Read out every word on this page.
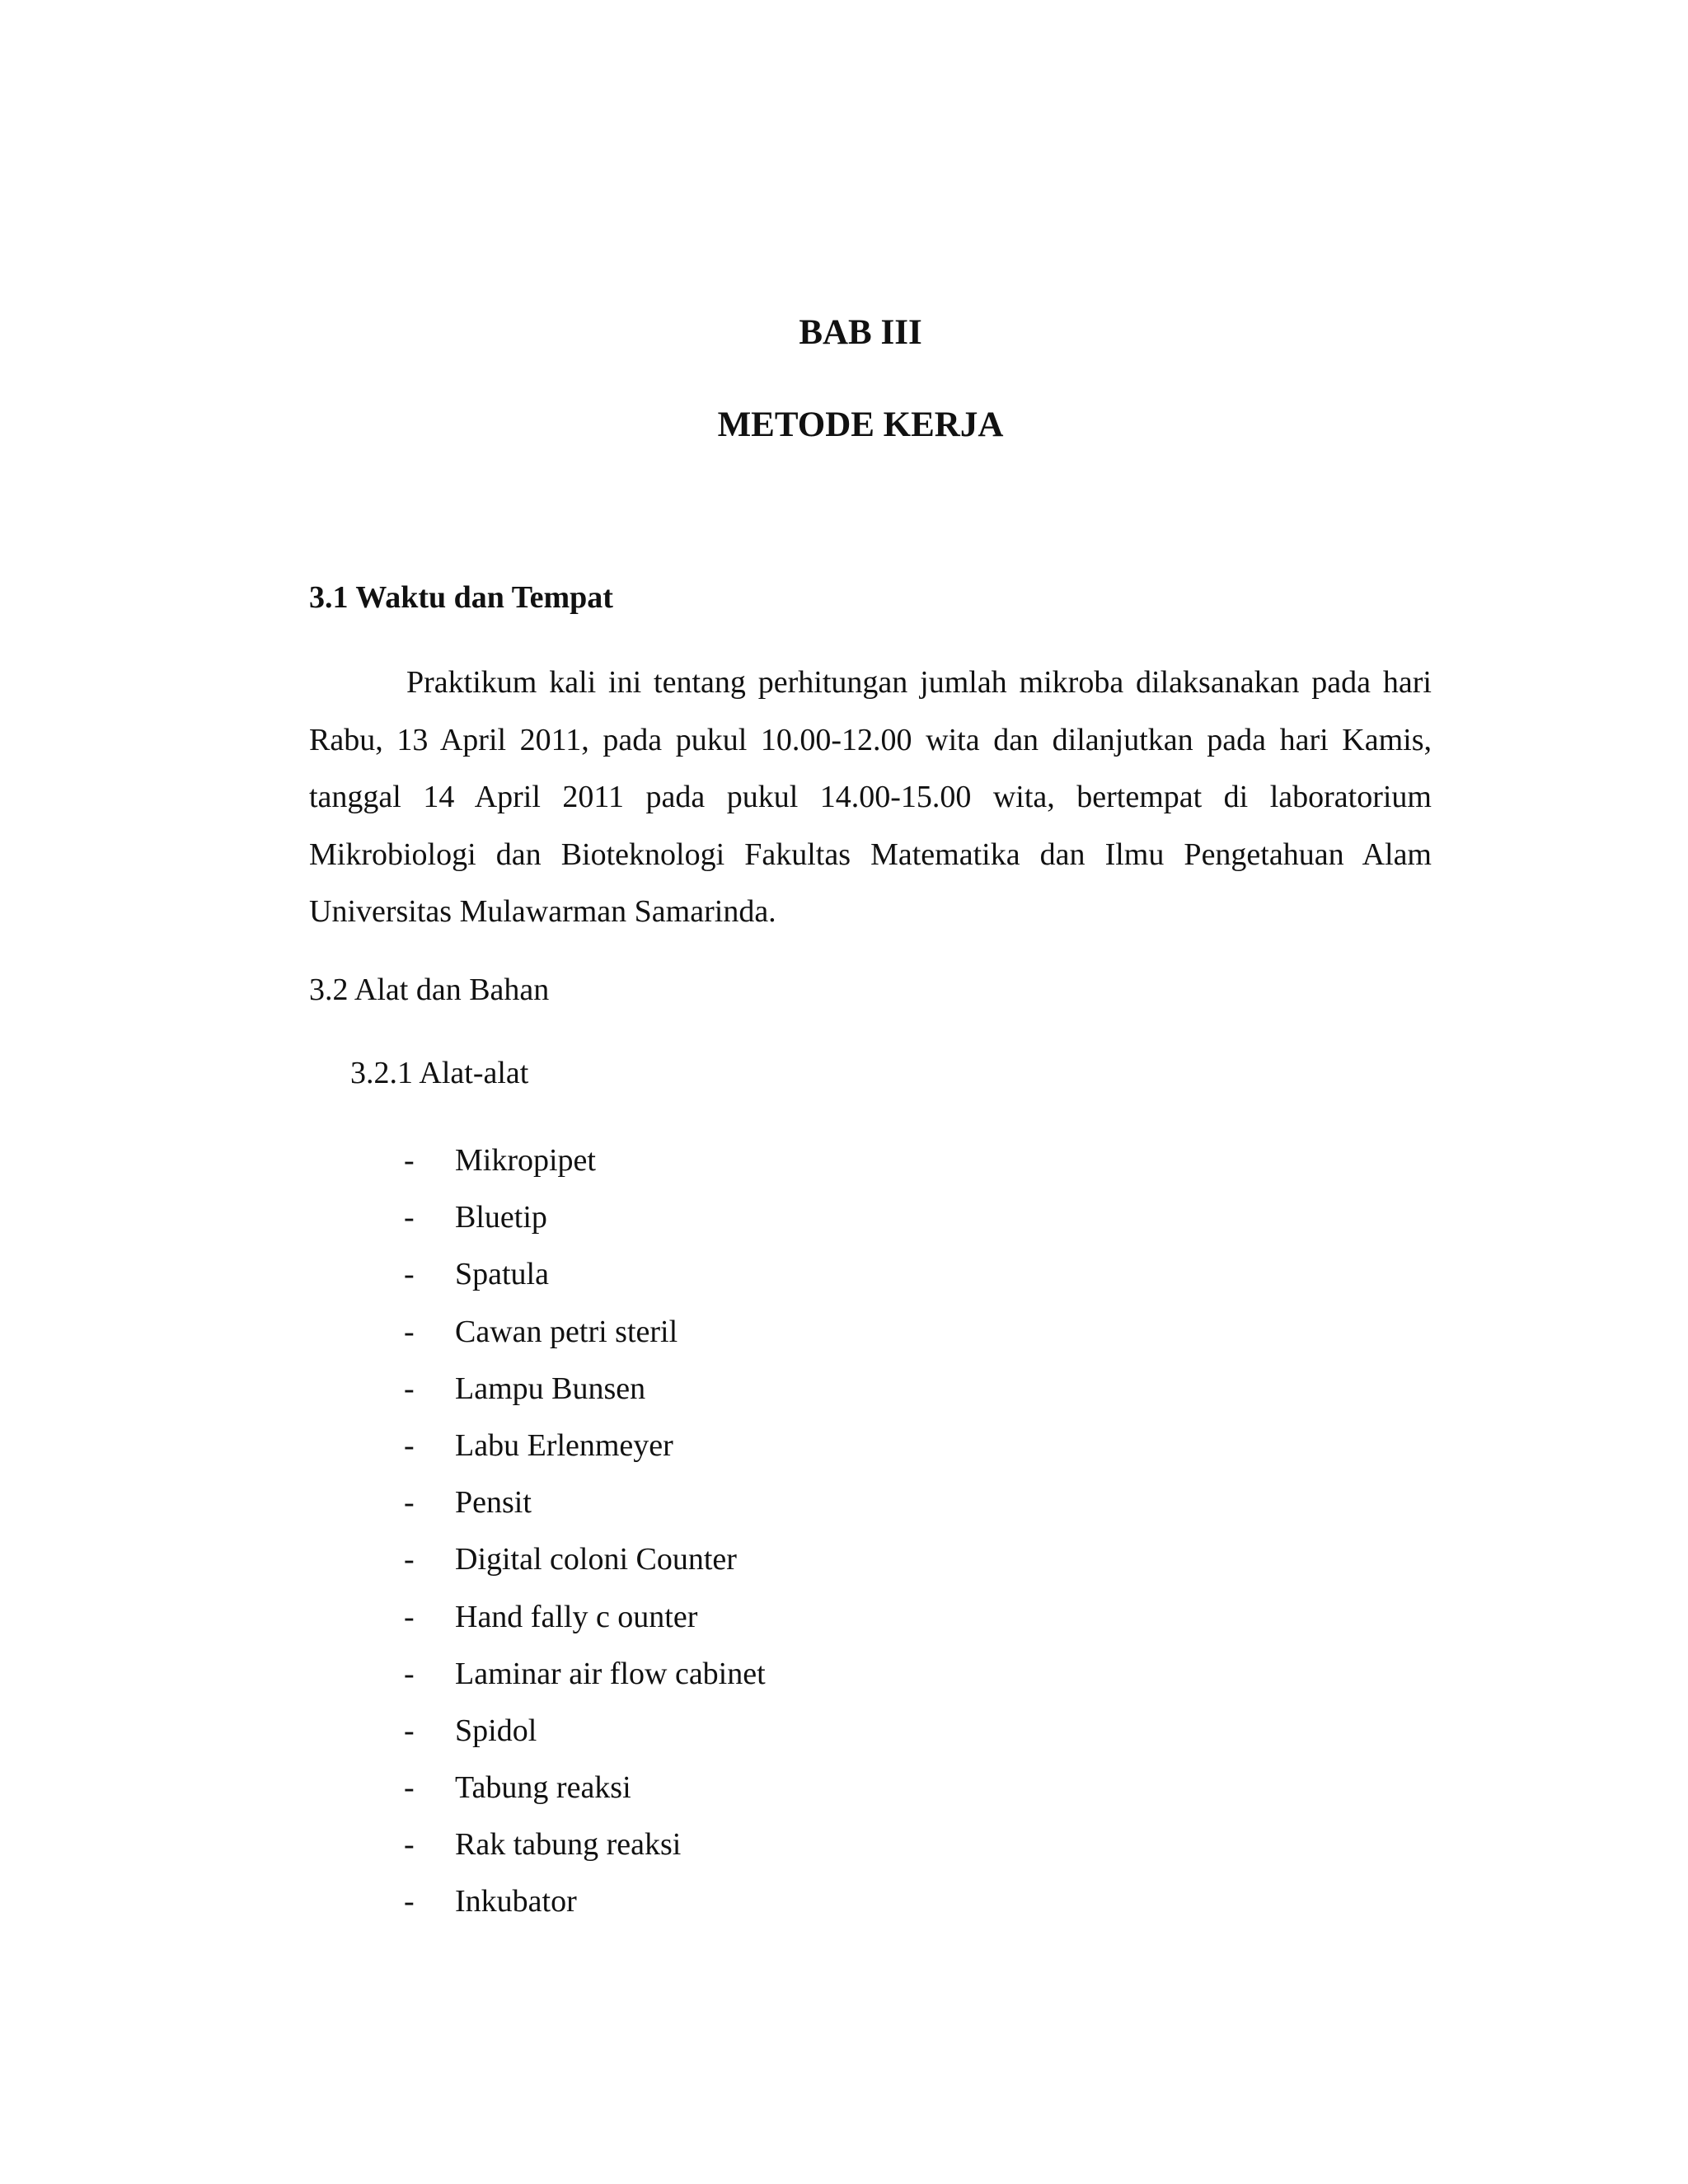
BAB III
METODE KERJA
3.1 Waktu dan Tempat

Praktikum kali ini tentang perhitungan jumlah mikroba dilaksanakan pada hari Rabu, 13 April 2011, pada pukul 10.00-12.00 wita dan dilanjutkan pada hari Kamis, tanggal 14 April 2011 pada pukul 14.00-15.00 wita, bertempat di laboratorium Mikrobiologi dan Bioteknologi Fakultas Matematika dan Ilmu Pengetahuan Alam Universitas Mulawarman Samarinda.

3.2 Alat dan Bahan
3.2.1 Alat-alat
- Mikropipet
- Bluetip
- Spatula
- Cawan petri steril
- Lampu Bunsen
- Labu Erlenmeyer
- Pensit
- Digital coloni Counter
- Hand fally c ounter
- Laminar air flow cabinet
- Spidol
- Tabung reaksi
- Rak tabung reaksi
- Inkubator
